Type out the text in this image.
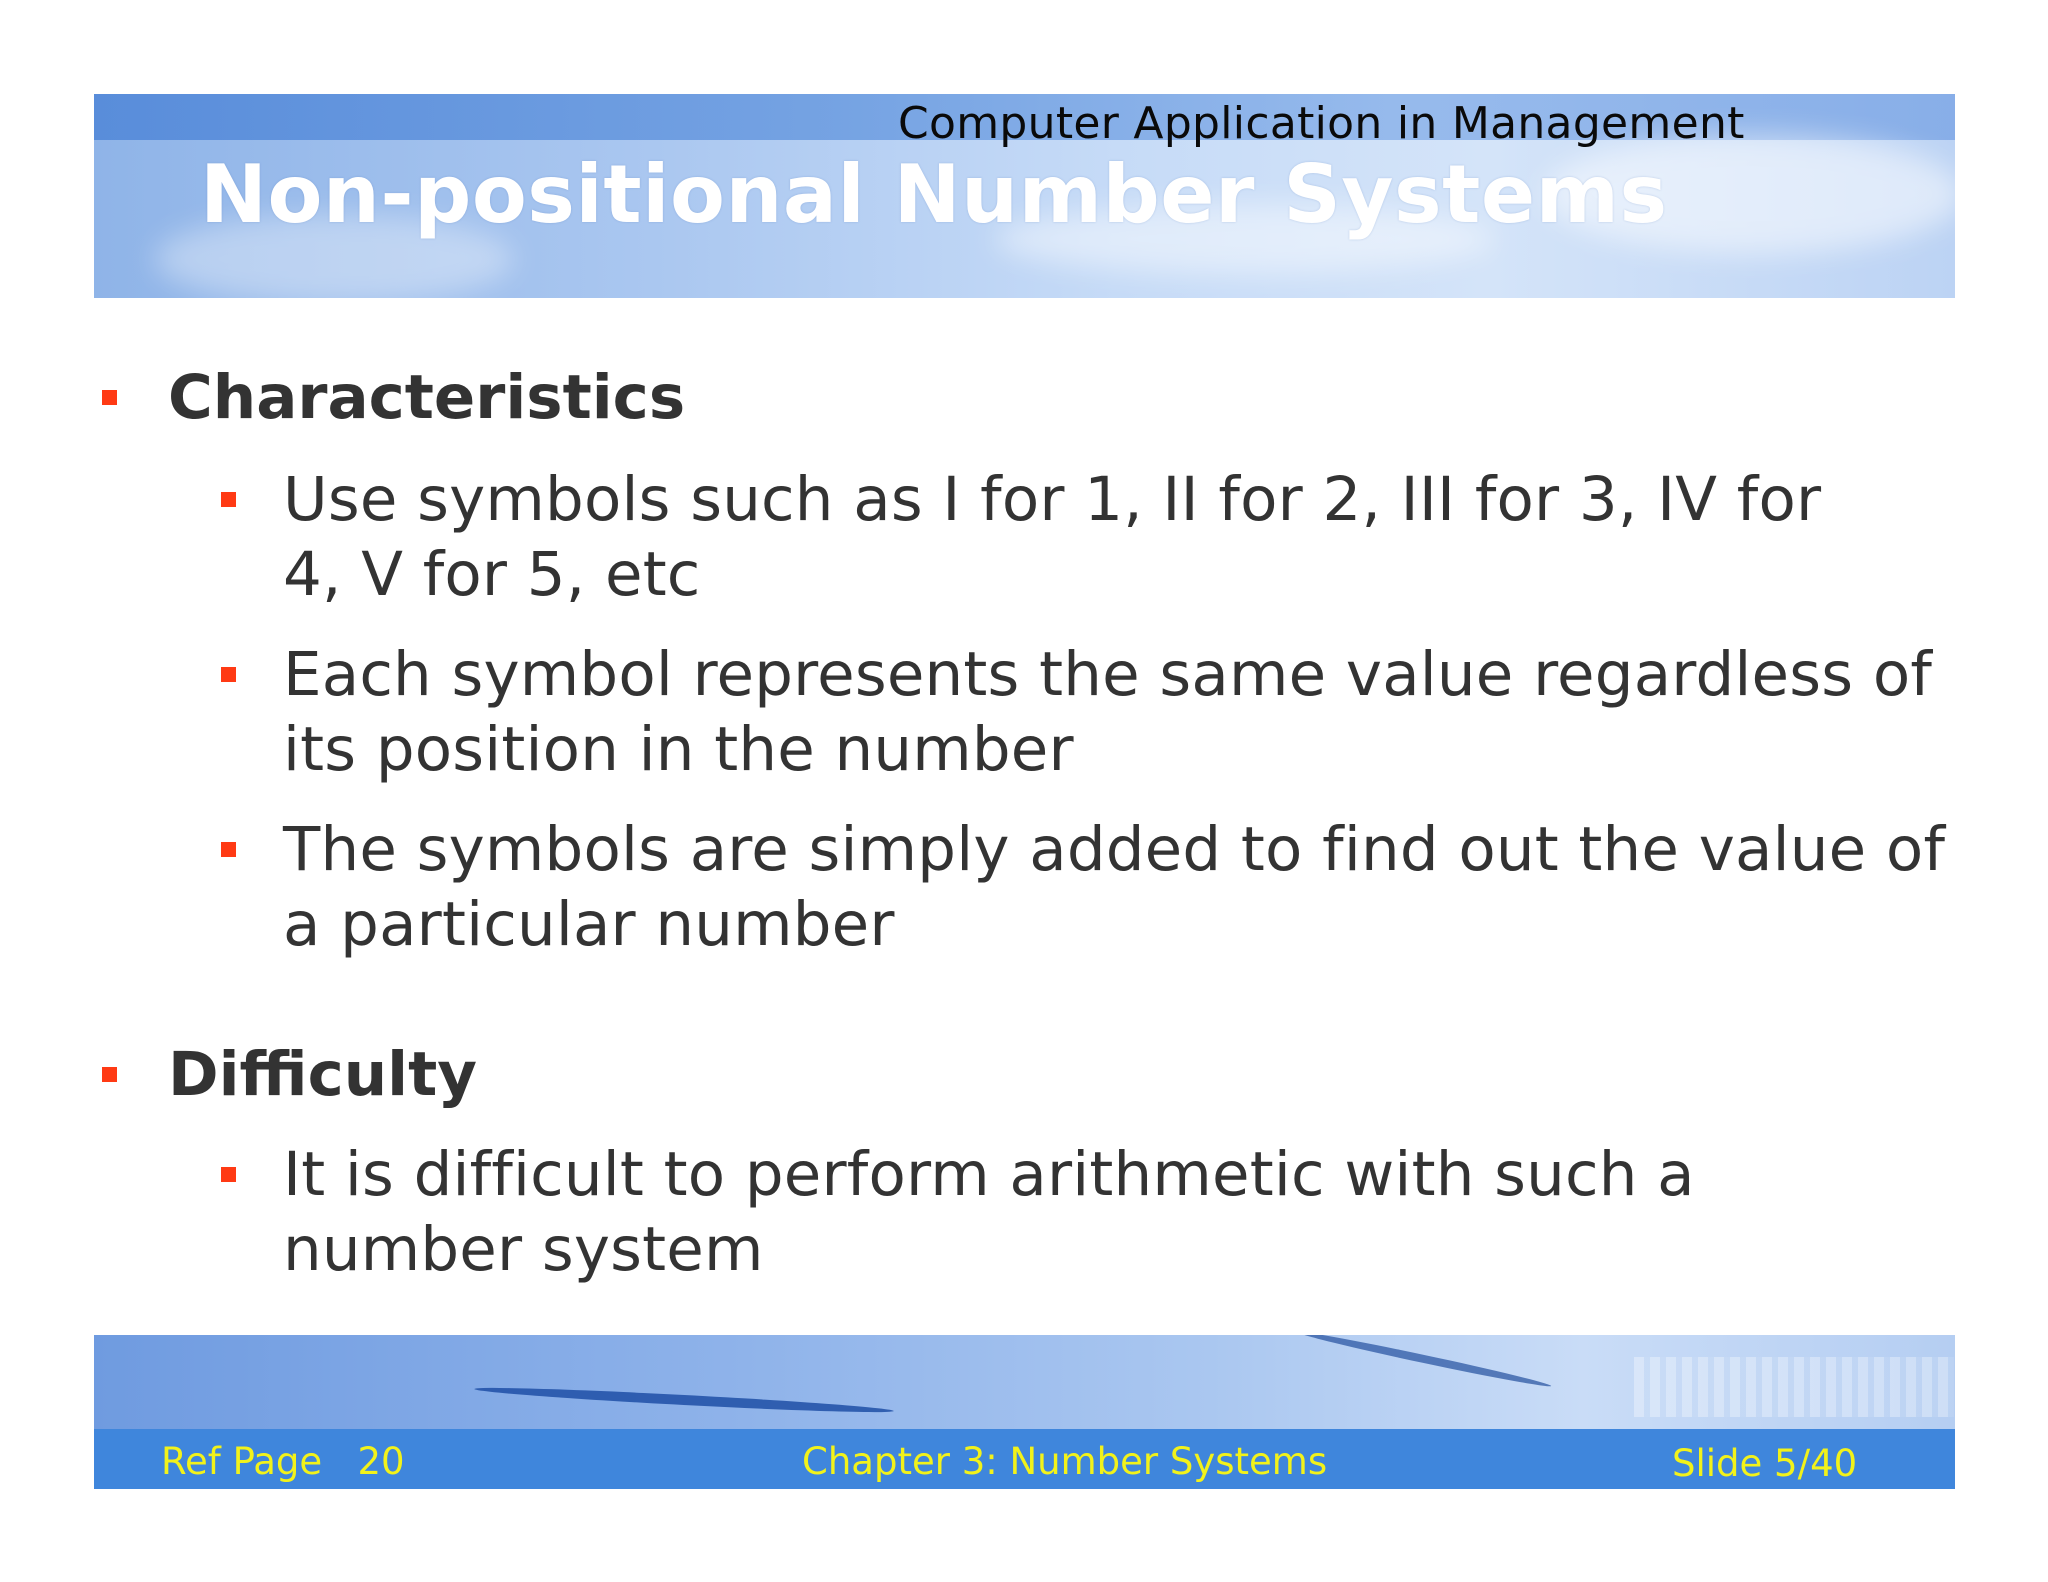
Computer Application in Management
Non-positional Number Systems
Characteristics
Use symbols such as I for 1, II for 2, III for 3, IV for
4, V for 5, etc
Each symbol represents the same value regardless of
its position in the number
The symbols are simply added to find out the value of
a particular number
Difficulty
It is difficult to perform arithmetic with such a
number system
Ref Page   20	Chapter 3: Number Systems	Slide 5/40
